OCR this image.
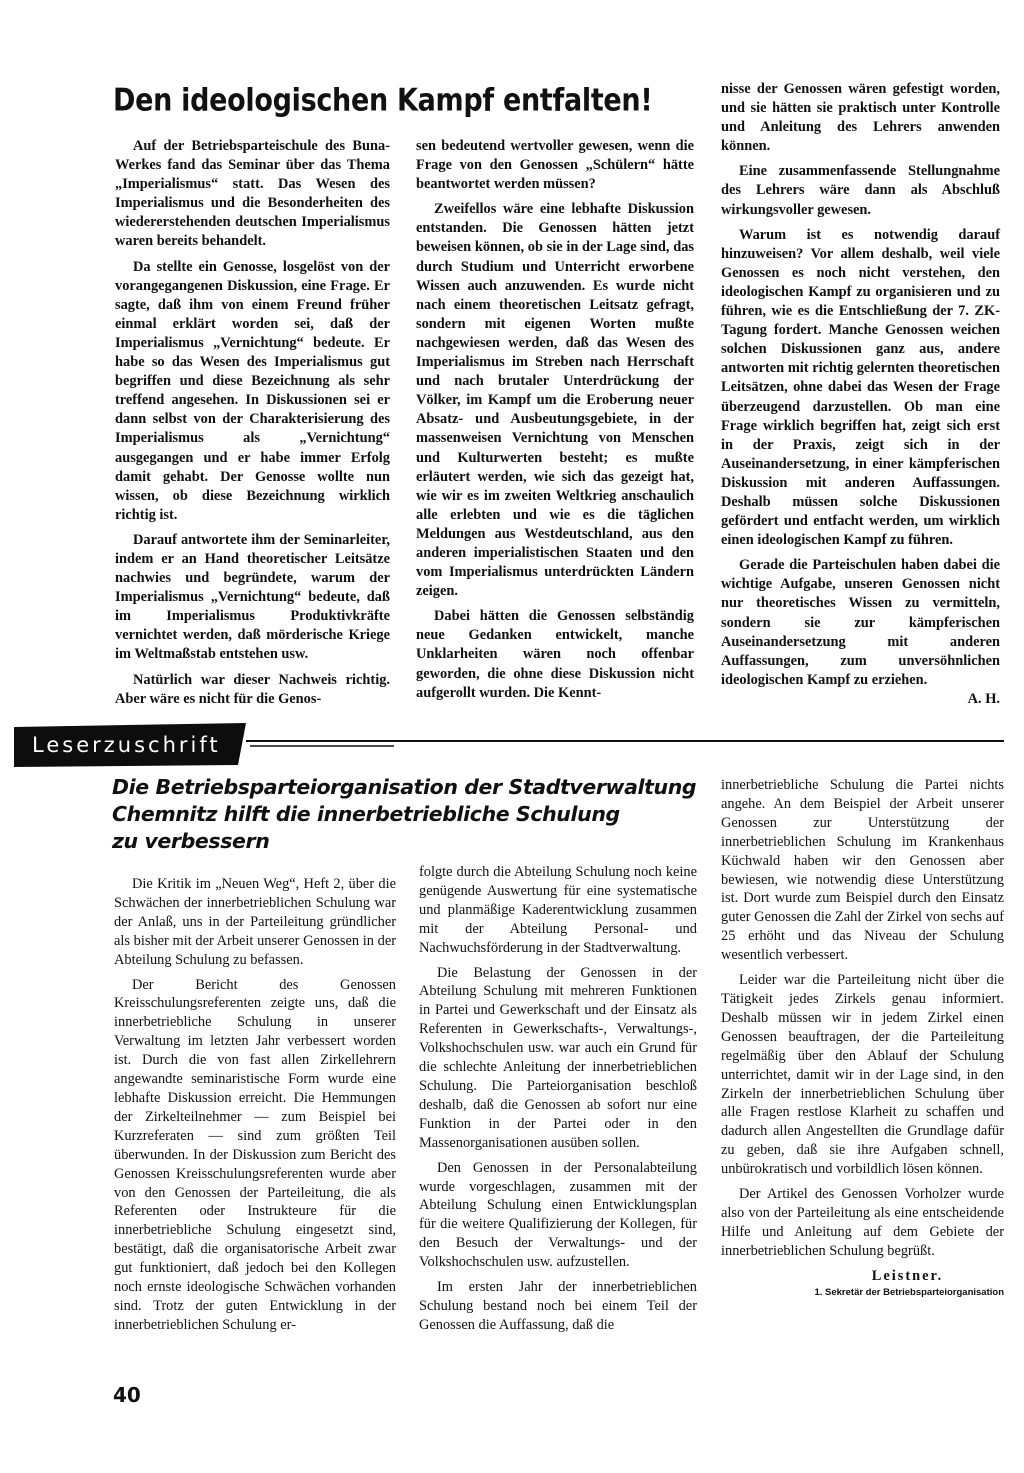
Den ideologischen Kampf entfalten!

Auf der Betriebsparteischule des Buna-Werkes fand das Seminar über das Thema „Imperialismus“ statt. Das Wesen des Imperialismus und die Besonderheiten des wiedererstehenden deutschen Imperialismus waren bereits behandelt.

Da stellte ein Genosse, losgelöst von der vorangegangenen Diskussion, eine Frage. Er sagte, daß ihm von einem Freund früher einmal erklärt worden sei, daß der Imperialismus „Vernichtung“ bedeute. Er habe so das Wesen des Imperialismus gut begriffen und diese Bezeichnung als sehr treffend angesehen. In Diskussionen sei er dann selbst von der Charakterisierung des Imperialismus als „Vernichtung“ ausgegangen und er habe immer Erfolg damit gehabt. Der Genosse wollte nun wissen, ob diese Bezeichnung wirklich richtig ist.

Darauf antwortete ihm der Seminarleiter, indem er an Hand theoretischer Leitsätze nachwies und begründete, warum der Imperialismus „Vernichtung“ bedeute, daß im Imperialismus Produktivkräfte vernichtet werden, daß mörderische Kriege im Weltmaßstab entstehen usw.

Natürlich war dieser Nachweis richtig. Aber wäre es nicht für die Genos-

sen bedeutend wertvoller gewesen, wenn die Frage von den Genossen „Schülern“ hätte beantwortet werden müssen?

Zweifellos wäre eine lebhafte Diskussion entstanden. Die Genossen hätten jetzt beweisen können, ob sie in der Lage sind, das durch Studium und Unterricht erworbene Wissen auch anzuwenden. Es wurde nicht nach einem theoretischen Leitsatz gefragt, sondern mit eigenen Worten mußte nachgewiesen werden, daß das Wesen des Imperialismus im Streben nach Herrschaft und nach brutaler Unterdrückung der Völker, im Kampf um die Eroberung neuer Absatz- und Ausbeutungsgebiete, in der massenweisen Vernichtung von Menschen und Kulturwerten besteht; es mußte erläutert werden, wie sich das gezeigt hat, wie wir es im zweiten Weltkrieg anschaulich alle erlebten und wie es die täglichen Meldungen aus Westdeutschland, aus den anderen imperialistischen Staaten und den vom Imperialismus unterdrückten Ländern zeigen.

Dabei hätten die Genossen selbständig neue Gedanken entwickelt, manche Unklarheiten wären noch offenbar geworden, die ohne diese Diskussion nicht aufgerollt wurden. Die Kennt-

nisse der Genossen wären gefestigt worden, und sie hätten sie praktisch unter Kontrolle und Anleitung des Lehrers anwenden können.

Eine zusammenfassende Stellungnahme des Lehrers wäre dann als Abschluß wirkungsvoller gewesen.

Warum ist es notwendig darauf hinzuweisen? Vor allem deshalb, weil viele Genossen es noch nicht verstehen, den ideologischen Kampf zu organisieren und zu führen, wie es die Entschließung der 7. ZK-Tagung fordert. Manche Genossen weichen solchen Diskussionen ganz aus, andere antworten mit richtig gelernten theoretischen Leitsätzen, ohne dabei das Wesen der Frage überzeugend darzustellen. Ob man eine Frage wirklich begriffen hat, zeigt sich erst in der Praxis, zeigt sich in der Auseinandersetzung, in einer kämpferischen Diskussion mit anderen Auffassungen. Deshalb müssen solche Diskussionen gefördert und entfacht werden, um wirklich einen ideologischen Kampf zu führen.

Gerade die Parteischulen haben dabei die wichtige Aufgabe, unseren Genossen nicht nur theoretisches Wissen zu vermitteln, sondern sie zur kämpferischen Auseinandersetzung mit anderen Auffassungen, zum unversöhnlichen ideologischen Kampf zu erziehen.

A. H.
Leserzuschrift
Die Betriebsparteiorganisation der Stadtverwaltung
Chemnitz hilft die innerbetriebliche Schulung
zu verbessern

Die Kritik im „Neuen Weg“, Heft 2, über die Schwächen der innerbetrieblichen Schulung war der Anlaß, uns in der Parteileitung gründlicher als bisher mit der Arbeit unserer Genossen in der Abteilung Schulung zu befassen.

Der Bericht des Genossen Kreisschulungsreferenten zeigte uns, daß die innerbetriebliche Schulung in unserer Verwaltung im letzten Jahr verbessert worden ist. Durch die von fast allen Zirkellehrern angewandte seminaristische Form wurde eine lebhafte Diskussion erreicht. Die Hemmungen der Zirkelteilnehmer — zum Beispiel bei Kurzreferaten — sind zum größten Teil überwunden. In der Diskussion zum Bericht des Genossen Kreisschulungsreferenten wurde aber von den Genossen der Parteileitung, die als Referenten oder Instrukteure für die innerbetriebliche Schulung eingesetzt sind, bestätigt, daß die organisatorische Arbeit zwar gut funktioniert, daß jedoch bei den Kollegen noch ernste ideologische Schwächen vorhanden sind. Trotz der guten Entwicklung in der innerbetrieblichen Schulung er-

folgte durch die Abteilung Schulung noch keine genügende Auswertung für eine systematische und planmäßige Kaderentwicklung zusammen mit der Abteilung Personal- und Nachwuchsförderung in der Stadtverwaltung.

Die Belastung der Genossen in der Abteilung Schulung mit mehreren Funktionen in Partei und Gewerkschaft und der Einsatz als Referenten in Gewerkschafts-, Verwaltungs-, Volkshochschulen usw. war auch ein Grund für die schlechte Anleitung der innerbetrieblichen Schulung. Die Parteiorganisation beschloß deshalb, daß die Genossen ab sofort nur eine Funktion in der Partei oder in den Massenorganisationen ausüben sollen.

Den Genossen in der Personalabteilung wurde vorgeschlagen, zusammen mit der Abteilung Schulung einen Entwicklungsplan für die weitere Qualifizierung der Kollegen, für den Besuch der Verwaltungs- und der Volkshochschulen usw. aufzustellen.

Im ersten Jahr der innerbetrieblichen Schulung bestand noch bei einem Teil der Genossen die Auffassung, daß die

innerbetriebliche Schulung die Partei nichts angehe. An dem Beispiel der Arbeit unserer Genossen zur Unterstützung der innerbetrieblichen Schulung im Krankenhaus Küchwald haben wir den Genossen aber bewiesen, wie notwendig diese Unterstützung ist. Dort wurde zum Beispiel durch den Einsatz guter Genossen die Zahl der Zirkel von sechs auf 25 erhöht und das Niveau der Schulung wesentlich verbessert.

Leider war die Parteileitung nicht über die Tätigkeit jedes Zirkels genau informiert. Deshalb müssen wir in jedem Zirkel einen Genossen beauftragen, der die Parteileitung regelmäßig über den Ablauf der Schulung unterrichtet, damit wir in der Lage sind, in den Zirkeln der innerbetrieblichen Schulung über alle Fragen restlose Klarheit zu schaffen und dadurch allen Angestellten die Grundlage dafür zu geben, daß sie ihre Aufgaben schnell, unbürokratisch und vorbildlich lösen können.

Der Artikel des Genossen Vorholzer wurde also von der Parteileitung als eine entscheidende Hilfe und Anleitung auf dem Gebiete der innerbetrieblichen Schulung begrüßt.

Leistner.
1. Sekretär der Betriebsparteiorganisation
40
